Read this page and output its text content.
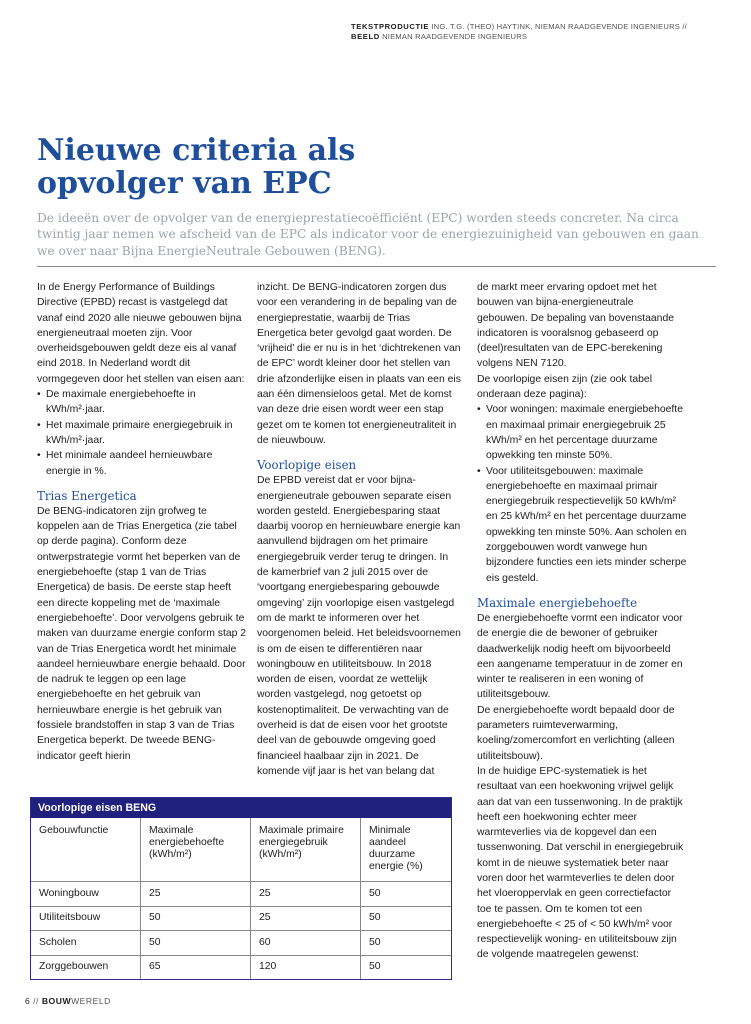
TEKSTPRODUCTIE ING. T.G. (THEO) HAYTINK, NIEMAN RAADGEVENDE INGENIEURS //
BEELD NIEMAN RAADGEVENDE INGENIEURS
Nieuwe criteria als opvolger van EPC

De ideeën over de opvolger van de energieprestatiecoëfficiënt (EPC) worden steeds concreter. Na circa twintig jaar nemen we afscheid van de EPC als indicator voor de energiezuinigheid van gebouwen en gaan we over naar Bijna EnergieNeutrale Gebouwen (BENG).

In de Energy Performance of Buildings Directive (EPBD) recast is vastgelegd dat vanaf eind 2020 alle nieuwe gebouwen bijna energieneutraal moeten zijn. Voor overheidsgebouwen geldt deze eis al vanaf eind 2018. In Nederland wordt dit vormgegeven door het stellen van eisen aan:

• De maximale energiebehoefte in kWh/m²·jaar.
• Het maximale primaire energiegebruik in kWh/m²·jaar.
• Het minimale aandeel hernieuwbare energie in %.
Trias Energetica

De BENG-indicatoren zijn grofweg te koppelen aan de Trias Energetica (zie tabel op derde pagina). Conform deze ontwerpstrategie vormt het beperken van de energiebehoefte (stap 1 van de Trias Energetica) de basis. De eerste stap heeft een directe koppeling met de ‘maximale energiebehoefte’. Door vervolgens gebruik te maken van duurzame energie conform stap 2 van de Trias Energetica wordt het minimale aandeel hernieuwbare energie behaald. Door de nadruk te leggen op een lage energiebehoefte en het gebruik van hernieuwbare energie is het gebruik van fossiele brandstoffen in stap 3 van de Trias Energetica beperkt. De tweede BENG-indicator geeft hierin

inzicht. De BENG-indicatoren zorgen dus voor een verandering in de bepaling van de energieprestatie, waarbij de Trias Energetica beter gevolgd gaat worden. De ‘vrijheid’ die er nu is in het ‘dichtrekenen van de EPC’ wordt kleiner door het stellen van drie afzonderlijke eisen in plaats van een eis aan één dimensieloos getal. Met de komst van deze drie eisen wordt weer een stap gezet om te komen tot energieneutraliteit in de nieuwbouw.

Voorlopige eisen

De EPBD vereist dat er voor bijna-energieneutrale gebouwen separate eisen worden gesteld. Energiebesparing staat daarbij voorop en hernieuwbare energie kan aanvullend bijdragen om het primaire energiegebruik verder terug te dringen. In de kamerbrief van 2 juli 2015 over de ‘voortgang energiebesparing gebouwde omgeving’ zijn voorlopige eisen vastgelegd om de markt te informeren over het voorgenomen beleid. Het beleidsvoornemen is om de eisen te differentiëren naar woningbouw en utiliteitsbouw. In 2018 worden de eisen, voordat ze wettelijk worden vastgelegd, nog getoetst op kostenoptimaliteit. De verwachting van de overheid is dat de eisen voor het grootste deel van de gebouwde omgeving goed financieel haalbaar zijn in 2021. De komende vijf jaar is het van belang dat

de markt meer ervaring opdoet met het bouwen van bijna-energieneutrale gebouwen. De bepaling van bovenstaande indicatoren is vooralsnog gebaseerd op (deel)resultaten van de EPC-berekening volgens NEN 7120.

De voorlopige eisen zijn (zie ook tabel onderaan deze pagina):

• Voor woningen: maximale energiebehoefte en maximaal primair energiegebruik 25 kWh/m² en het percentage duurzame opwekking ten minste 50%.
• Voor utiliteitsgebouwen: maximale energiebehoefte en maximaal primair energiegebruik respectievelijk 50 kWh/m² en 25 kWh/m² en het percentage duurzame opwekking ten minste 50%. Aan scholen en zorggebouwen wordt vanwege hun bijzondere functies een iets minder scherpe eis gesteld.
Maximale energiebehoefte

De energiebehoefte vormt een indicator voor de energie die de bewoner of gebruiker daadwerkelijk nodig heeft om bijvoorbeeld een aangename temperatuur in de zomer en winter te realiseren in een woning of utiliteitsgebouw.

De energiebehoefte wordt bepaald door de parameters ruimteverwarming, koeling/zomercomfort en verlichting (alleen utiliteitsbouw).

In de huidige EPC-systematiek is het resultaat van een hoekwoning vrijwel gelijk aan dat van een tussenwoning. In de praktijk heeft een hoekwoning echter meer warmteverlies via de kopgevel dan een tussenwoning. Dat verschil in energiegebruik komt in de nieuwe systematiek beter naar voren door het warmteverlies te delen door het vloeroppervlak en geen correctiefactor toe te passen. Om te komen tot een energiebehoefte < 25 of < 50 kWh/m² voor respectievelijk woning- en utiliteitsbouw zijn de volgende maatregelen gewenst:

Voorlopige eisen BENG
Gebouwfunctie	Maximale energiebehoefte (kWh/m²)	Maximale primaire energiegebruik (kWh/m²)	Minimale aandeel duurzame energie (%)
Woningbouw	25	25	50
Utiliteitsbouw	50	25	50
Scholen	50	60	50
Zorggebouwen	65	120	50
6 // BOUWWERELD
